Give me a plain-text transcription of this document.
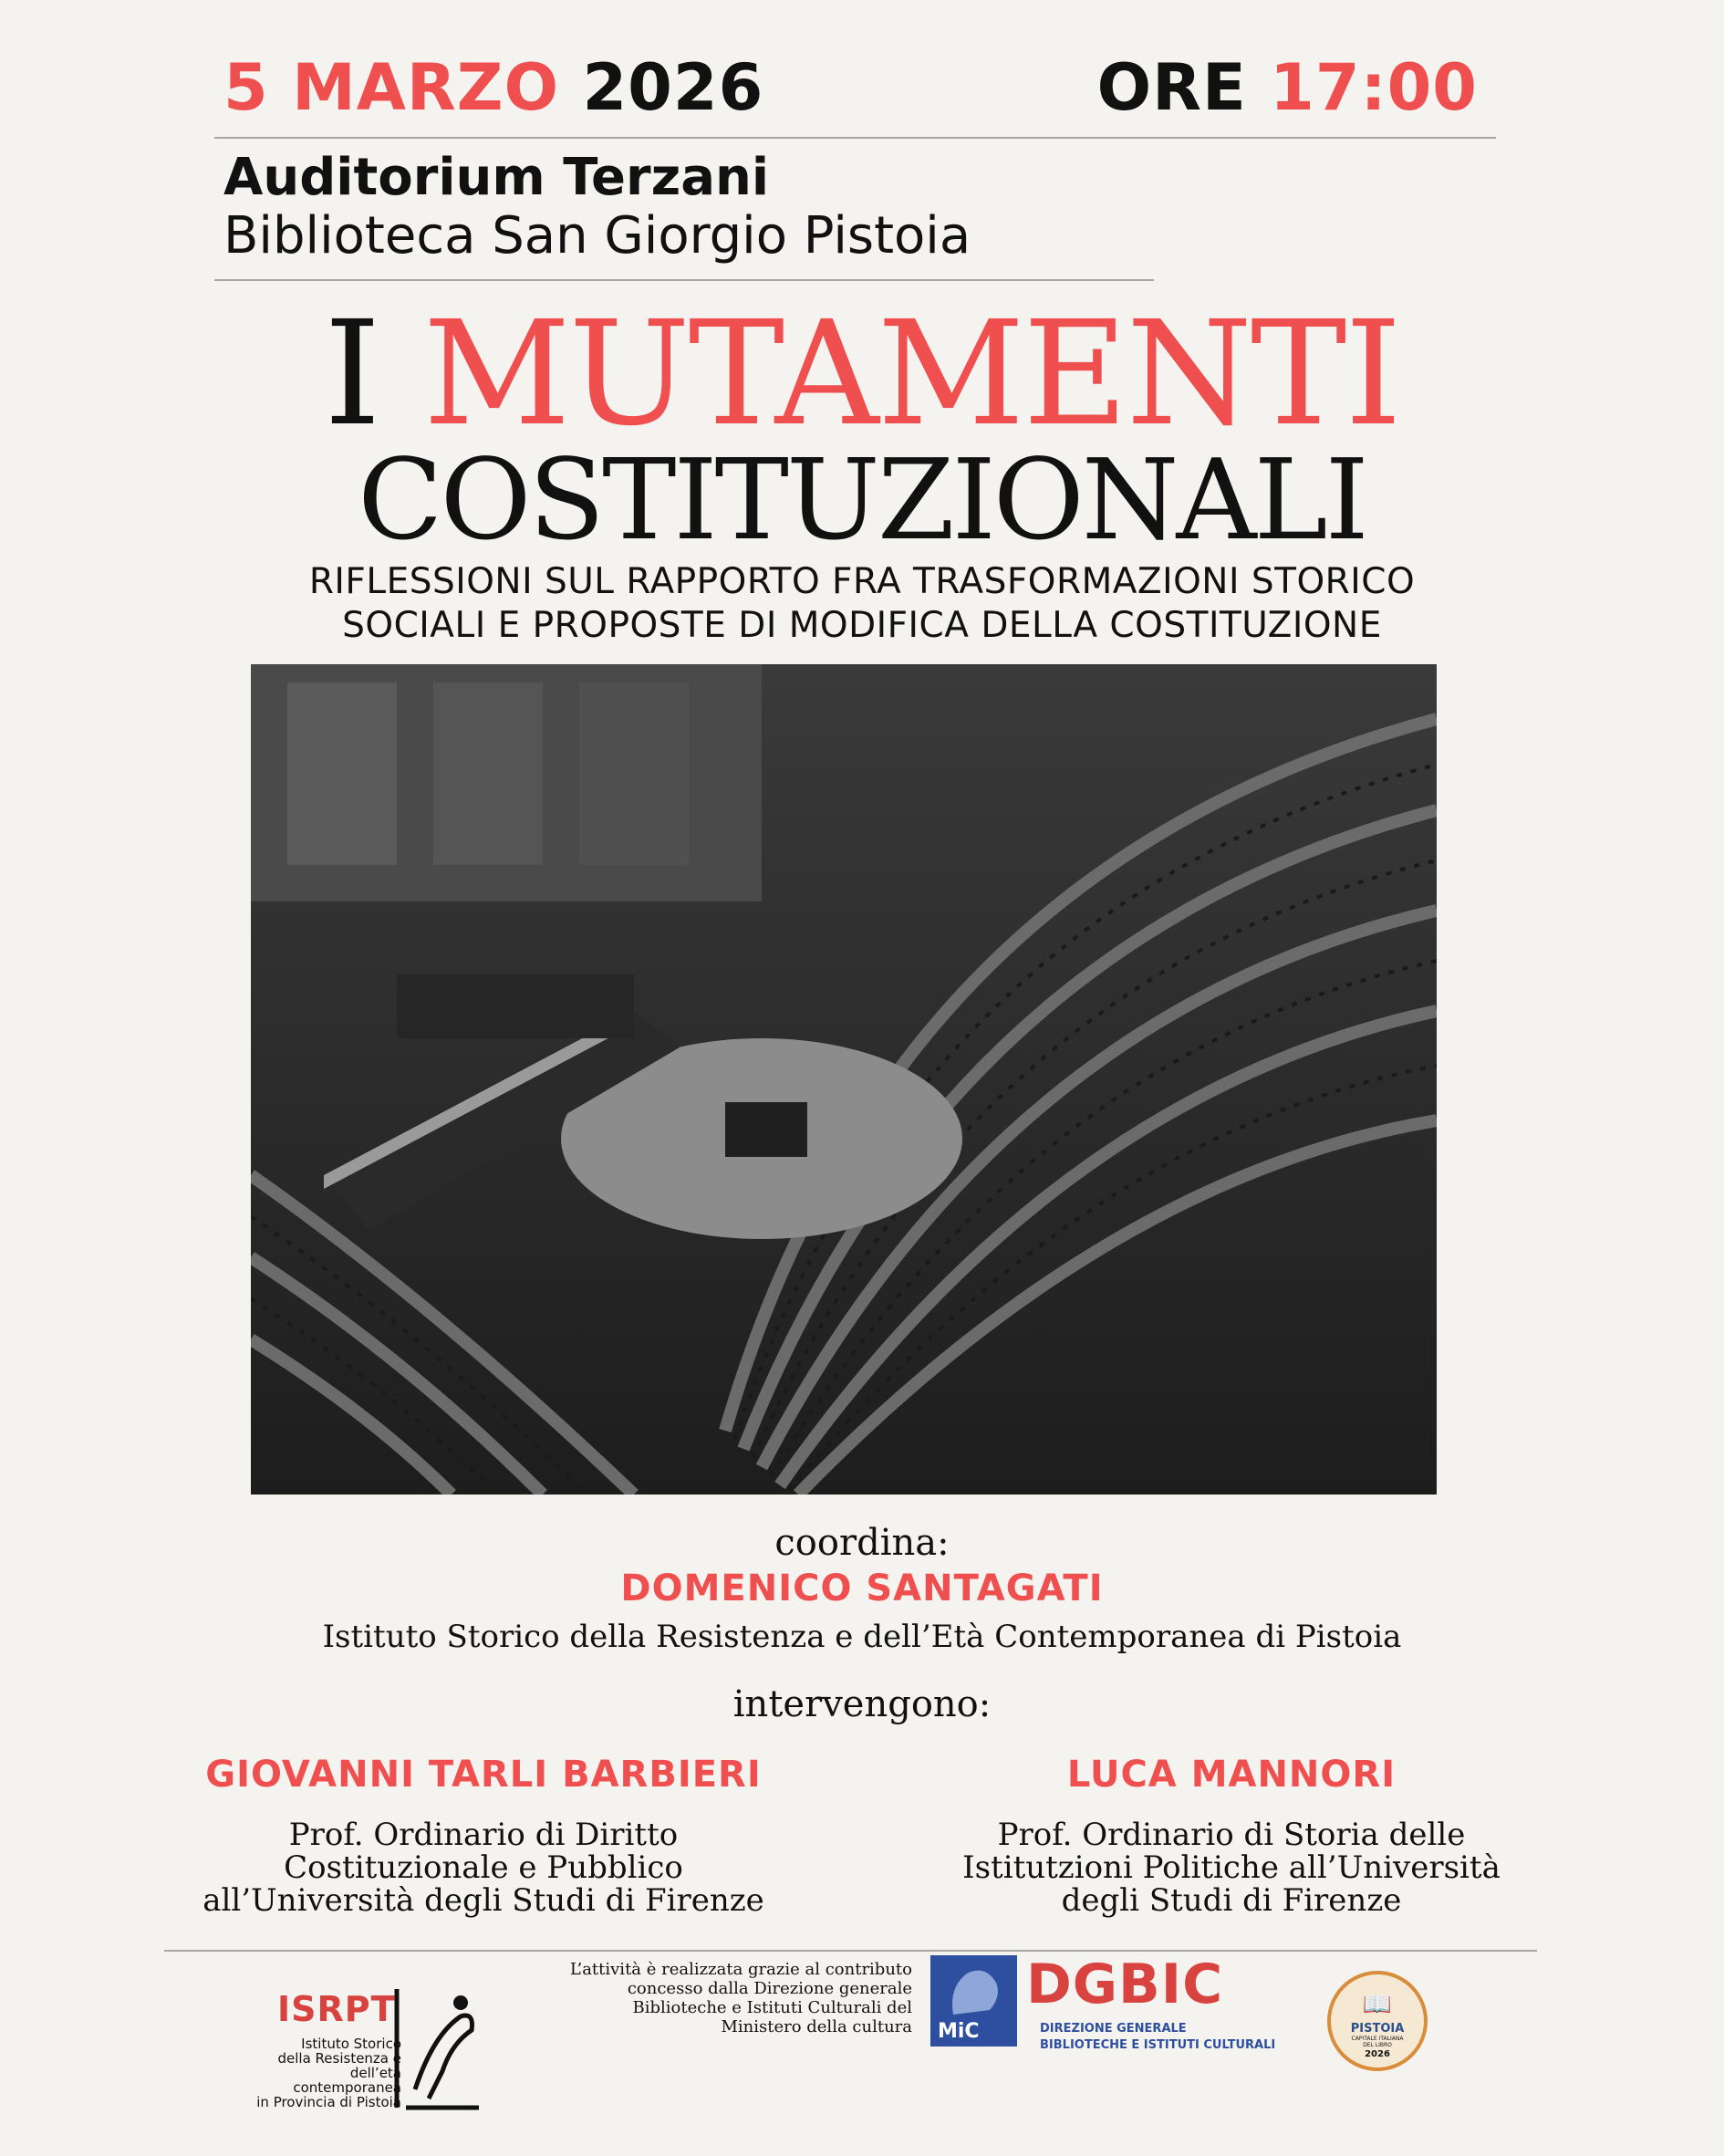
5 MARZO 2026	ORE 17:00
Auditorium Terzani
Biblioteca San Giorgio Pistoia
I MUTAMENTI
COSTITUZIONALI
RIFLESSIONI SUL RAPPORTO FRA TRASFORMAZIONI STORICO
SOCIALI E PROPOSTE DI MODIFICA DELLA COSTITUZIONE
coordina:
DOMENICO SANTAGATI
Istituto Storico della Resistenza e dell’Età Contemporanea di Pistoia
intervengono:
GIOVANNI TARLI BARBIERI
Prof. Ordinario di Diritto
Costituzionale e Pubblico
all’Università degli Studi di Firenze
LUCA MANNORI
Prof. Ordinario di Storia delle
Istitutzioni Politiche all’Università
degli Studi di Firenze
ISRPT
Istituto Storico
della Resistenza e
dell’età contemporanea
in Provincia di Pistoia
L’attività è realizzata grazie al contributo
concesso dalla Direzione generale
Biblioteche e Istituti Culturali del
Ministero della cultura MiC
DGBIC
DIREZIONE GENERALE
BIBLIOTECHE E ISTITUTI CULTURALI
📖
PISTOIA
CAPITALE ITALIANA
DEL LIBRO
2026
